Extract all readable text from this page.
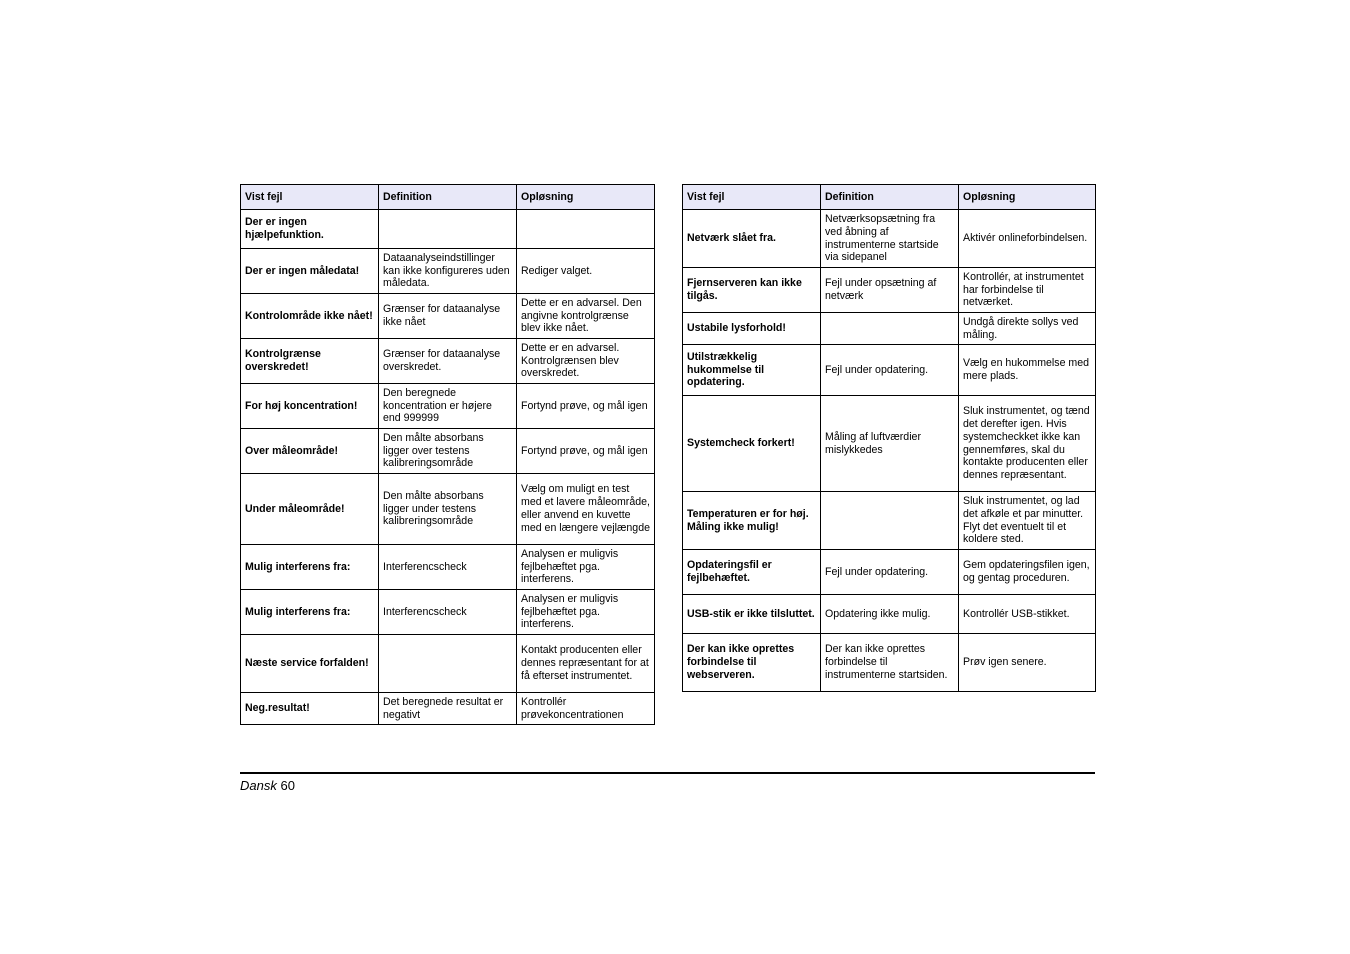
Vist fejl	Definition	Opløsning
Der er ingen hjælpefunktion.		
Der er ingen måledata!	Dataanalyseindstillinger kan ikke konfigureres uden måledata.	Rediger valget.
Kontrolområde ikke nået!	Grænser for dataanalyse ikke nået	Dette er en advarsel. Den angivne kontrolgrænse blev ikke nået.
Kontrolgrænse overskredet!	Grænser for dataanalyse overskredet.	Dette er en advarsel. Kontrolgrænsen blev overskredet.
For høj koncentration!	Den beregnede koncentration er højere end 999999	Fortynd prøve, og mål igen
Over måleområde!	Den målte absorbans ligger over testens kalibreringsområde	Fortynd prøve, og mål igen
Under måleområde!	Den målte absorbans ligger under testens kalibreringsområde	Vælg om muligt en test med et lavere måleområde, eller anvend en kuvette med en længere vejlængde
Mulig interferens fra:	Interferencscheck	Analysen er muligvis fejlbehæftet pga. interferens.
Mulig interferens fra:	Interferencscheck	Analysen er muligvis fejlbehæftet pga. interferens.
Næste service forfalden!		Kontakt producenten eller dennes repræsentant for at få efterset instrumentet.
Neg.resultat!	Det beregnede resultat er negativt	Kontrollér prøvekoncentrationen
Vist fejl	Definition	Opløsning
Netværk slået fra.	Netværksopsætning fra ved åbning af instrumenterne startside via sidepanel	Aktivér onlineforbindelsen.
Fjernserveren kan ikke tilgås.	Fejl under opsætning af netværk	Kontrollér, at instrumentet har forbindelse til netværket.
Ustabile lysforhold!		Undgå direkte sollys ved måling.
Utilstrækkelig hukommelse til opdatering.	Fejl under opdatering.	Vælg en hukommelse med mere plads.
Systemcheck forkert!	Måling af luftværdier mislykkedes	Sluk instrumentet, og tænd det derefter igen. Hvis systemcheckket ikke kan gennemføres, skal du kontakte producenten eller dennes repræsentant.
Temperaturen er for høj. Måling ikke mulig!		Sluk instrumentet, og lad det afkøle et par minutter. Flyt det eventuelt til et koldere sted.
Opdateringsfil er fejlbehæftet.	Fejl under opdatering.	Gem opdateringsfilen igen, og gentag proceduren.
USB-stik er ikke tilsluttet.	Opdatering ikke mulig.	Kontrollér USB-stikket.
Der kan ikke oprettes forbindelse til webserveren.	Der kan ikke oprettes forbindelse til instrumenterne startsiden.	Prøv igen senere.
Dansk 60
